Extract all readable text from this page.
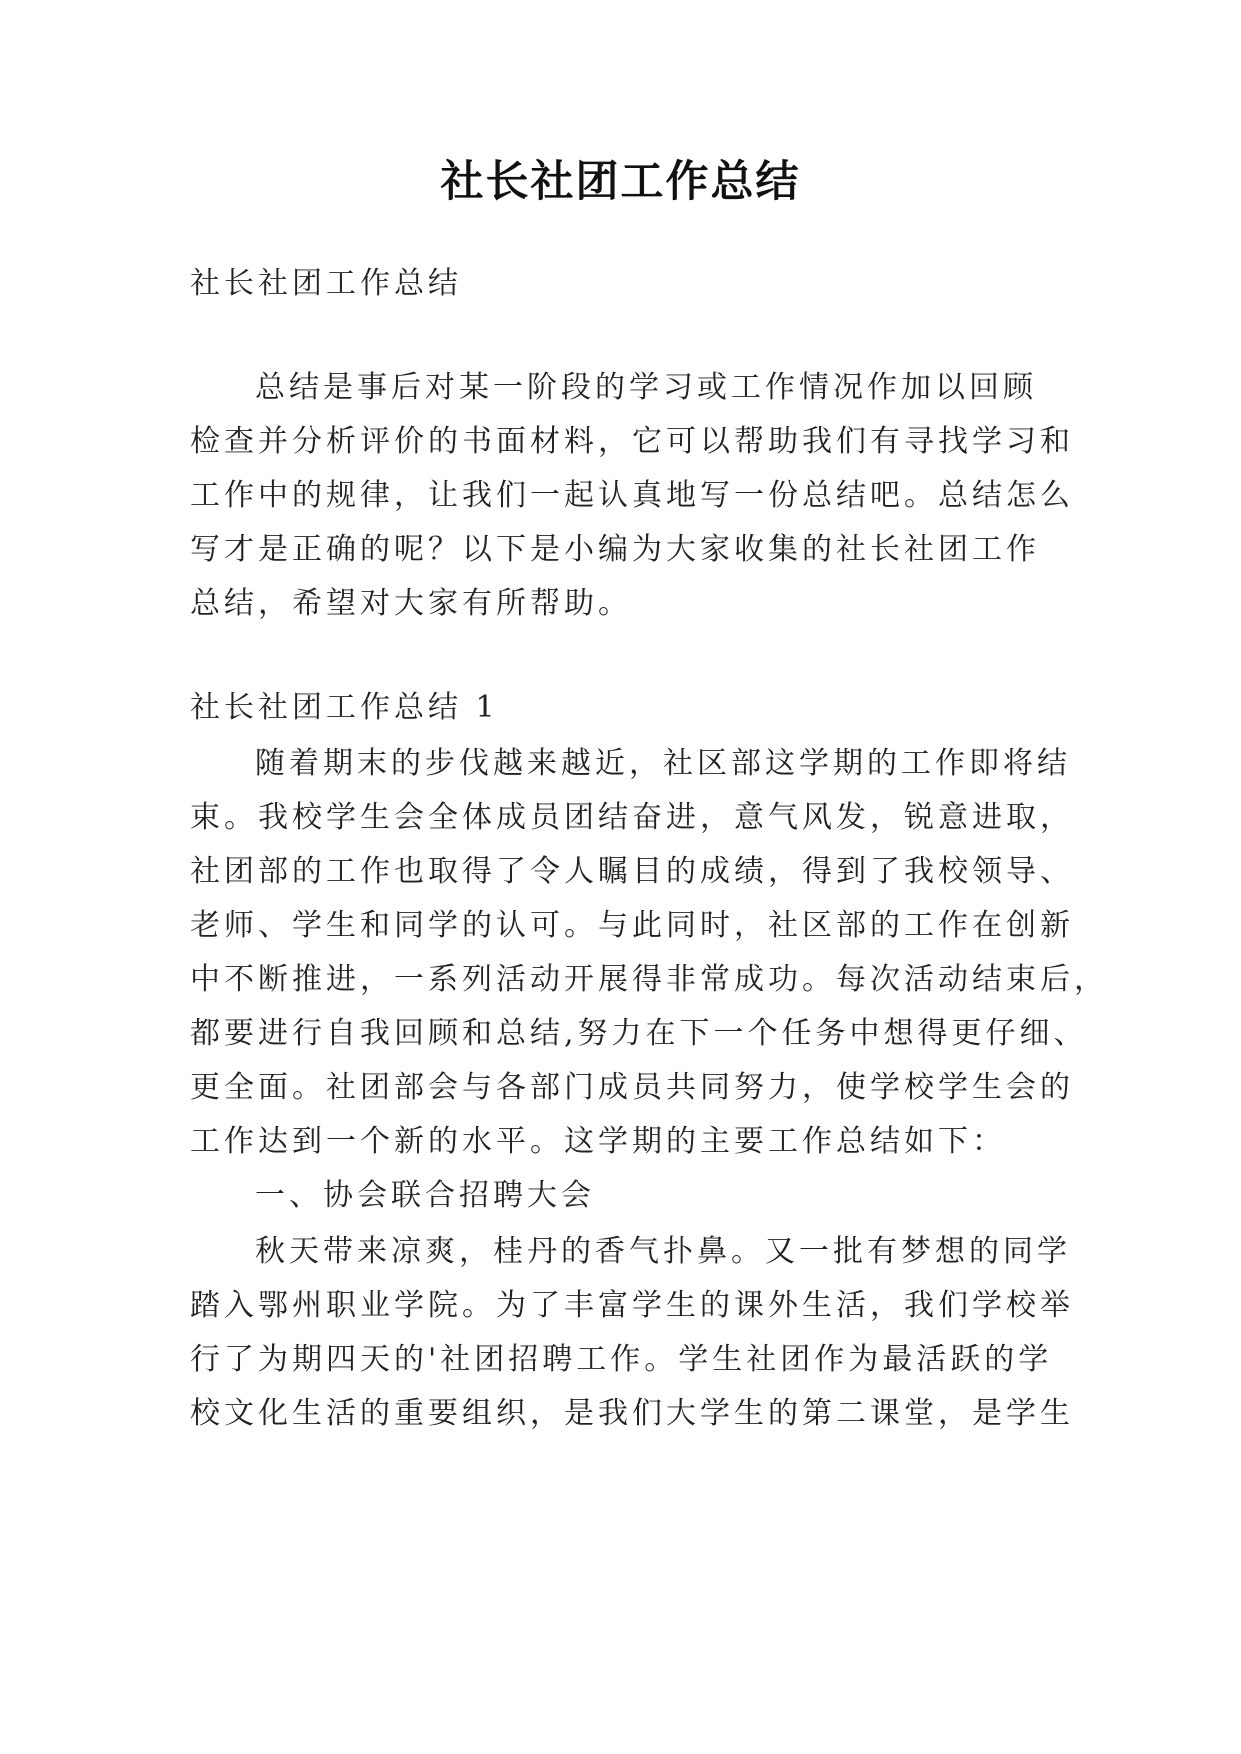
社长社团工作总结

社长社团工作总结

总结是事后对某一阶段的学习或工作情况作加以回顾

检查并分析评价的书面材料，它可以帮助我们有寻找学习和

工作中的规律，让我们一起认真地写一份总结吧。总结怎么

写才是正确的呢？以下是小编为大家收集的社长社团工作

总结，希望对大家有所帮助。

社长社团工作总结 1

随着期末的步伐越来越近，社区部这学期的工作即将结

束。我校学生会全体成员团结奋进，意气风发，锐意进取，

社团部的工作也取得了令人瞩目的成绩，得到了我校领导、

老师、学生和同学的认可。与此同时，社区部的工作在创新

中不断推进，一系列活动开展得非常成功。每次活动结束后，

都要进行自我回顾和总结,努力在下一个任务中想得更仔细、

更全面。社团部会与各部门成员共同努力，使学校学生会的

工作达到一个新的水平。这学期的主要工作总结如下：

一、协会联合招聘大会

秋天带来凉爽，桂丹的香气扑鼻。又一批有梦想的同学

踏入鄂州职业学院。为了丰富学生的课外生活，我们学校举

行了为期四天的'社团招聘工作。学生社团作为最活跃的学

校文化生活的重要组织，是我们大学生的第二课堂，是学生
